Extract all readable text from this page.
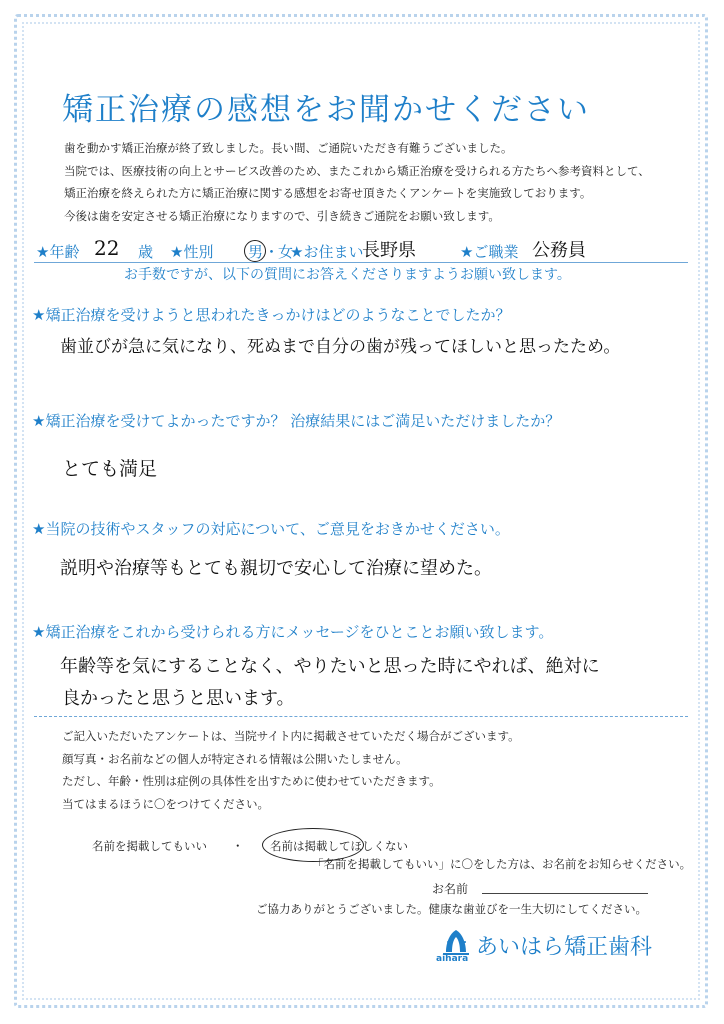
矯正治療の感想をお聞かせください
歯を動かす矯正治療が終了致しました。長い間、ご通院いただき有難うございました。
当院では、医療技術の向上とサービス改善のため、またこれから矯正治療を受けられる方たちへ参考資料として、
矯正治療を終えられた方に矯正治療に関する感想をお寄せ頂きたくアンケートを実施致しております。
今後は歯を安定させる矯正治療になりますので、引き続きご通院をお願い致します。
★年齢 22 歳 ★性別 男 ・
女
★お住まい
長野県	★ご職業 公務員
お手数ですが、以下の質問にお答えくださりますようお願い致します。
★矯正治療を受けようと思われたきっかけはどのようなことでしたか？
歯並びが急に気になり、死ぬまで自分の歯が残ってほしいと思ったため。
★矯正治療を受けてよかったですか？ 治療結果にはご満足いただけましたか？
とても満足
★当院の技術やスタッフの対応について、ご意見をおきかせください。
説明や治療等もとても親切で安心して治療に望めた。
★矯正治療をこれから受けられる方にメッセージをひとことお願い致します。
年齢等を気にすることなく、やりたいと思った時にやれば、絶対に
良かったと思うと思います。
ご記入いただいたアンケートは、当院サイト内に掲載させていただく場合がございます。
顔写真・お名前などの個人が特定される情報は公開いたしません。
ただし、年齢・性別は症例の具体性を出すために使わせていただきます。
当てはまるほうに〇をつけてください。
名前を掲載してもいい ・ 名前は掲載してほしくない
「名前を掲載してもいい」に〇をした方は、お名前をお知らせください。
お名前
ご協力ありがとうございました。健康な歯並びを一生大切にしてください。
aihara あいはら矯正歯科
